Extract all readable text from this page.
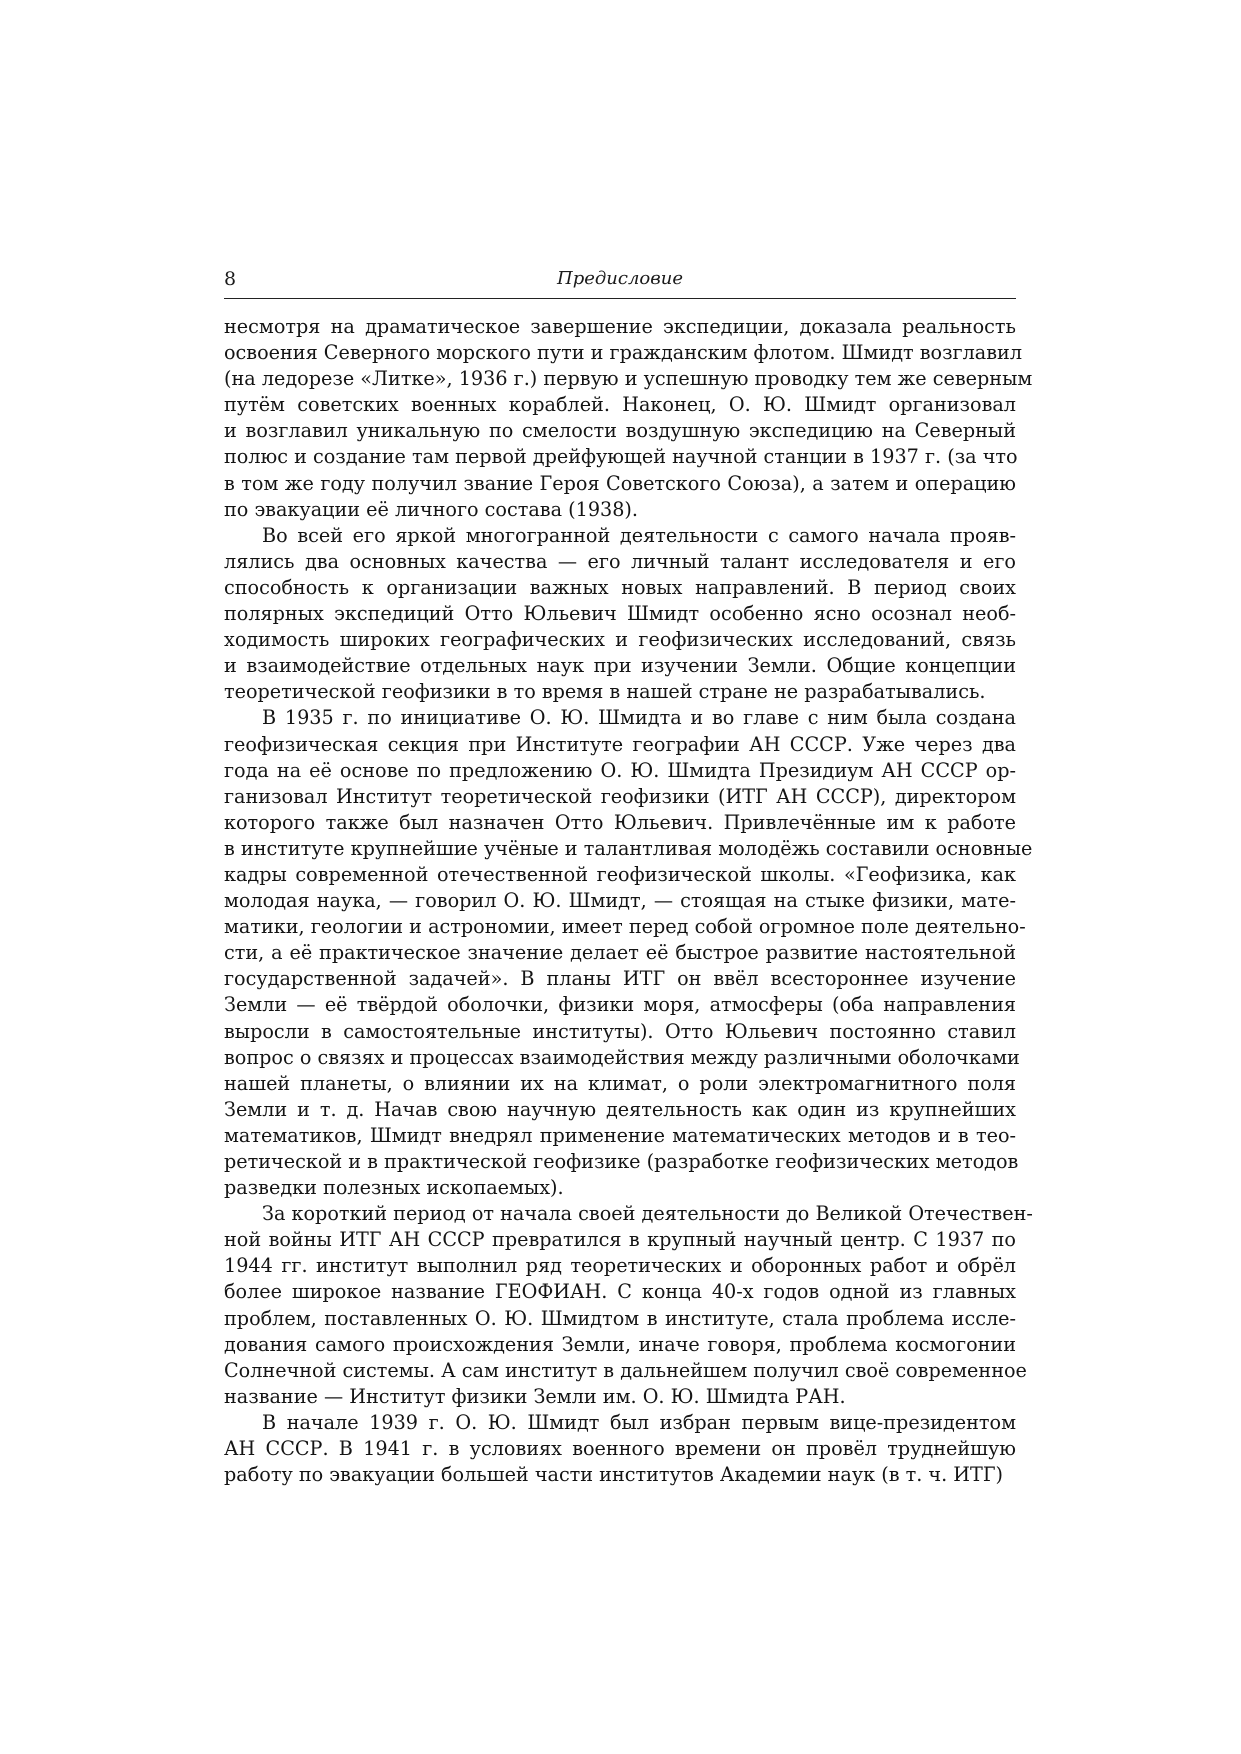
8	Предисловие
несмотря на драматическое завершение экспедиции, доказала реальность
освоения Северного морского пути и гражданским флотом. Шмидт возглавил
(на ледорезе «Литке», 1936 г.) первую и успешную проводку тем же северным
путём советских военных кораблей. Наконец, О. Ю. Шмидт организовал
и возглавил уникальную по смелости воздушную экспедицию на Северный
полюс и создание там первой дрейфующей научной станции в 1937 г. (за что
в том же году получил звание Героя Советского Союза), а затем и операцию
по эвакуации её личного состава (1938).
Во всей его яркой многогранной деятельности с самого начала прояв-
лялись два основных качества — его личный талант исследователя и его
способность к организации важных новых направлений. В период своих
полярных экспедиций Отто Юльевич Шмидт особенно ясно осознал необ-
ходимость широких географических и геофизических исследований, связь
и взаимодействие отдельных наук при изучении Земли. Общие концепции
теоретической геофизики в то время в нашей стране не разрабатывались.
В 1935 г. по инициативе О. Ю. Шмидта и во главе с ним была создана
геофизическая секция при Институте географии АН СССР. Уже через два
года на её основе по предложению О. Ю. Шмидта Президиум АН СССР ор-
ганизовал Институт теоретической геофизики (ИТГ АН СССР), директором
которого также был назначен Отто Юльевич. Привлечённые им к работе
в институте крупнейшие учёные и талантливая молодёжь составили основные
кадры современной отечественной геофизической школы. «Геофизика, как
молодая наука, — говорил О. Ю. Шмидт, — стоящая на стыке физики, мате-
матики, геологии и астрономии, имеет перед собой огромное поле деятельно-
сти, а её практическое значение делает её быстрое развитие настоятельной
государственной задачей». В планы ИТГ он ввёл всестороннее изучение
Земли — её твёрдой оболочки, физики моря, атмосферы (оба направления
выросли в самостоятельные институты). Отто Юльевич постоянно ставил
вопрос о связях и процессах взаимодействия между различными оболочками
нашей планеты, о влиянии их на климат, о роли электромагнитного поля
Земли и т. д. Начав свою научную деятельность как один из крупнейших
математиков, Шмидт внедрял применение математических методов и в тео-
ретической и в практической геофизике (разработке геофизических методов
разведки полезных ископаемых).
За короткий период от начала своей деятельности до Великой Отечествен-
ной войны ИТГ АН СССР превратился в крупный научный центр. С 1937 по
1944 гг. институт выполнил ряд теоретических и оборонных работ и обрёл
более широкое название ГЕОФИАН. С конца 40-х годов одной из главных
проблем, поставленных О. Ю. Шмидтом в институте, стала проблема иссле-
дования самого происхождения Земли, иначе говоря, проблема космогонии
Солнечной системы. А сам институт в дальнейшем получил своё современное
название — Институт физики Земли им. О. Ю. Шмидта РАН.
В начале 1939 г. О. Ю. Шмидт был избран первым вице-президентом
АН СССР. В 1941 г. в условиях военного времени он провёл труднейшую
работу по эвакуации большей части институтов Академии наук (в т. ч. ИТГ)
